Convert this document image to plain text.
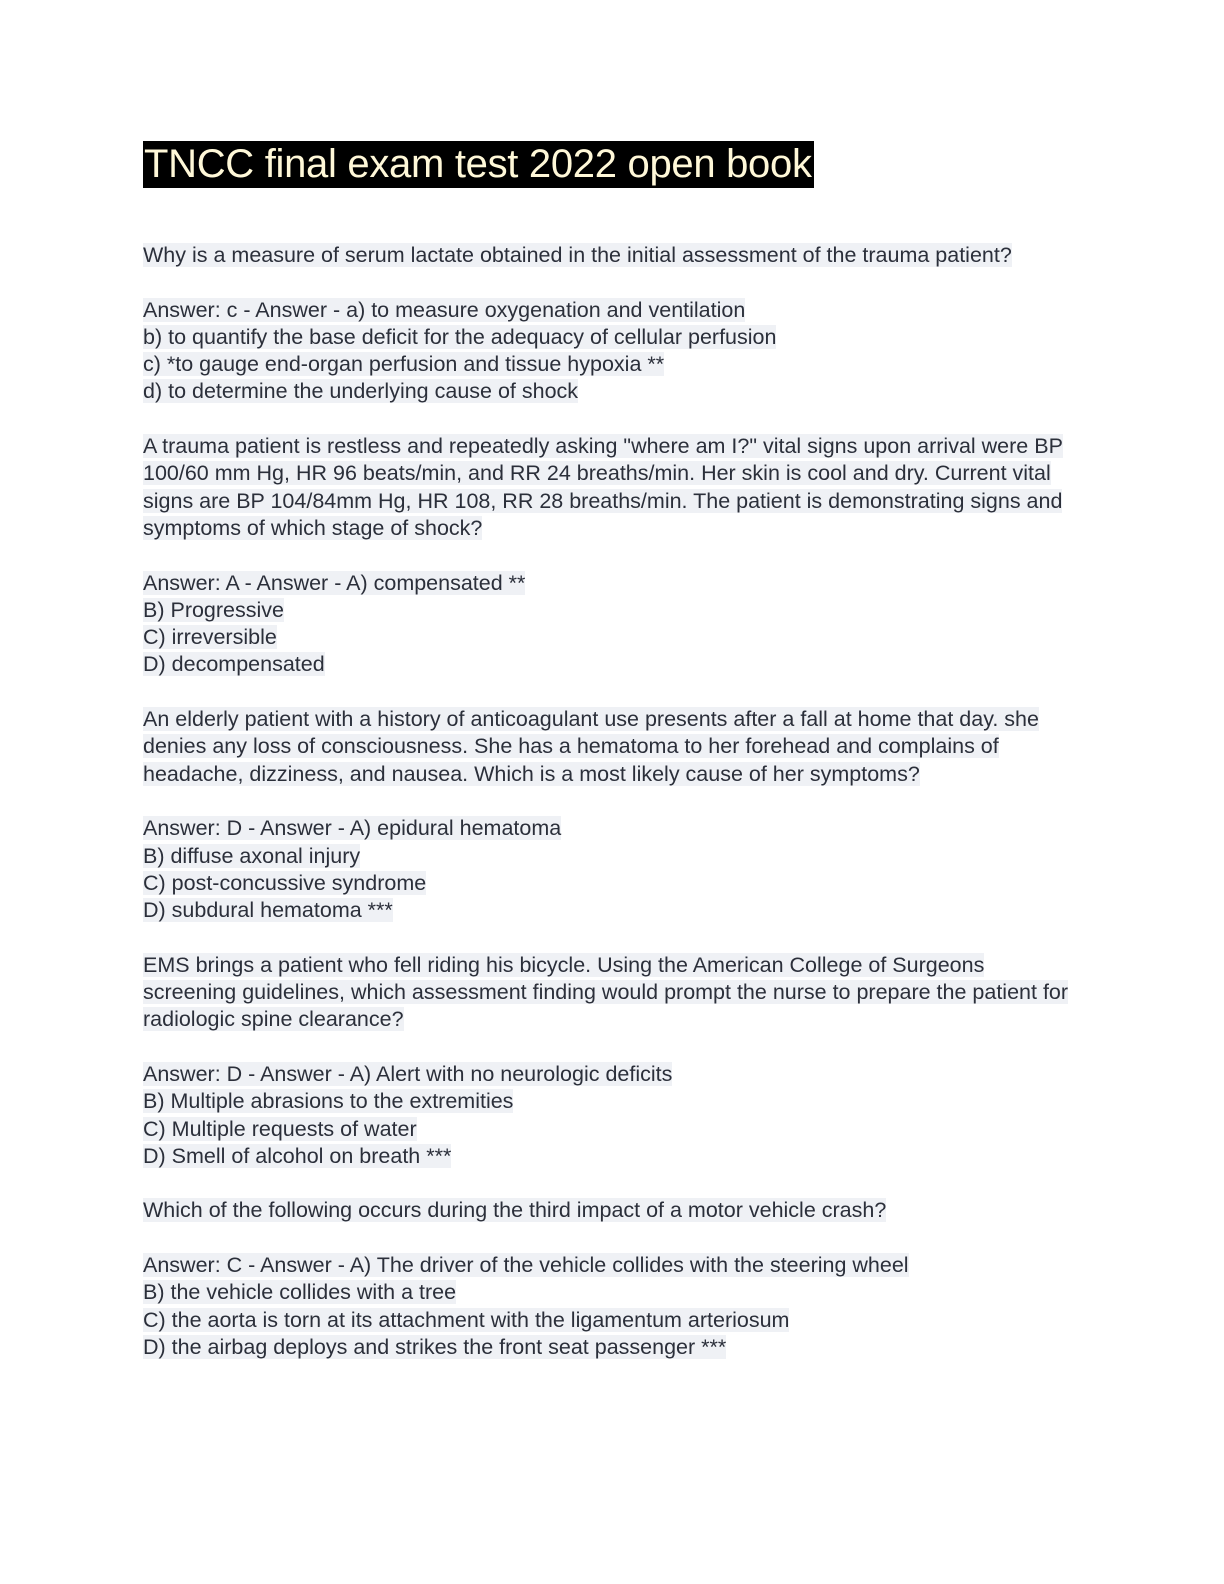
TNCC final exam test 2022 open book

Why is a measure of serum lactate obtained in the initial assessment of the trauma patient?

Answer: c - Answer - a) to measure oxygenation and ventilation
b) to quantify the base deficit for the adequacy of cellular perfusion
c) *to gauge end-organ perfusion and tissue hypoxia **
d) to determine the underlying cause of shock

A trauma patient is restless and repeatedly asking "where am I?" vital signs upon arrival were BP 100/60 mm Hg, HR 96 beats/min, and RR 24 breaths/min. Her skin is cool and dry. Current vital signs are BP 104/84mm Hg, HR 108, RR 28 breaths/min. The patient is demonstrating signs and symptoms of which stage of shock?

Answer: A - Answer - A) compensated **
B) Progressive
C) irreversible
D) decompensated

An elderly patient with a history of anticoagulant use presents after a fall at home that day. she denies any loss of consciousness. She has a hematoma to her forehead and complains of headache, dizziness, and nausea. Which is a most likely cause of her symptoms?

Answer: D - Answer - A) epidural hematoma
B) diffuse axonal injury
C) post-concussive syndrome
D) subdural hematoma ***

EMS brings a patient who fell riding his bicycle. Using the American College of Surgeons screening guidelines, which assessment finding would prompt the nurse to prepare the patient for radiologic spine clearance?

Answer: D - Answer - A) Alert with no neurologic deficits
B) Multiple abrasions to the extremities
C) Multiple requests of water
D) Smell of alcohol on breath ***

Which of the following occurs during the third impact of a motor vehicle crash?

Answer: C - Answer - A) The driver of the vehicle collides with the steering wheel
B) the vehicle collides with a tree
C) the aorta is torn at its attachment with the ligamentum arteriosum
D) the airbag deploys and strikes the front seat passenger ***
